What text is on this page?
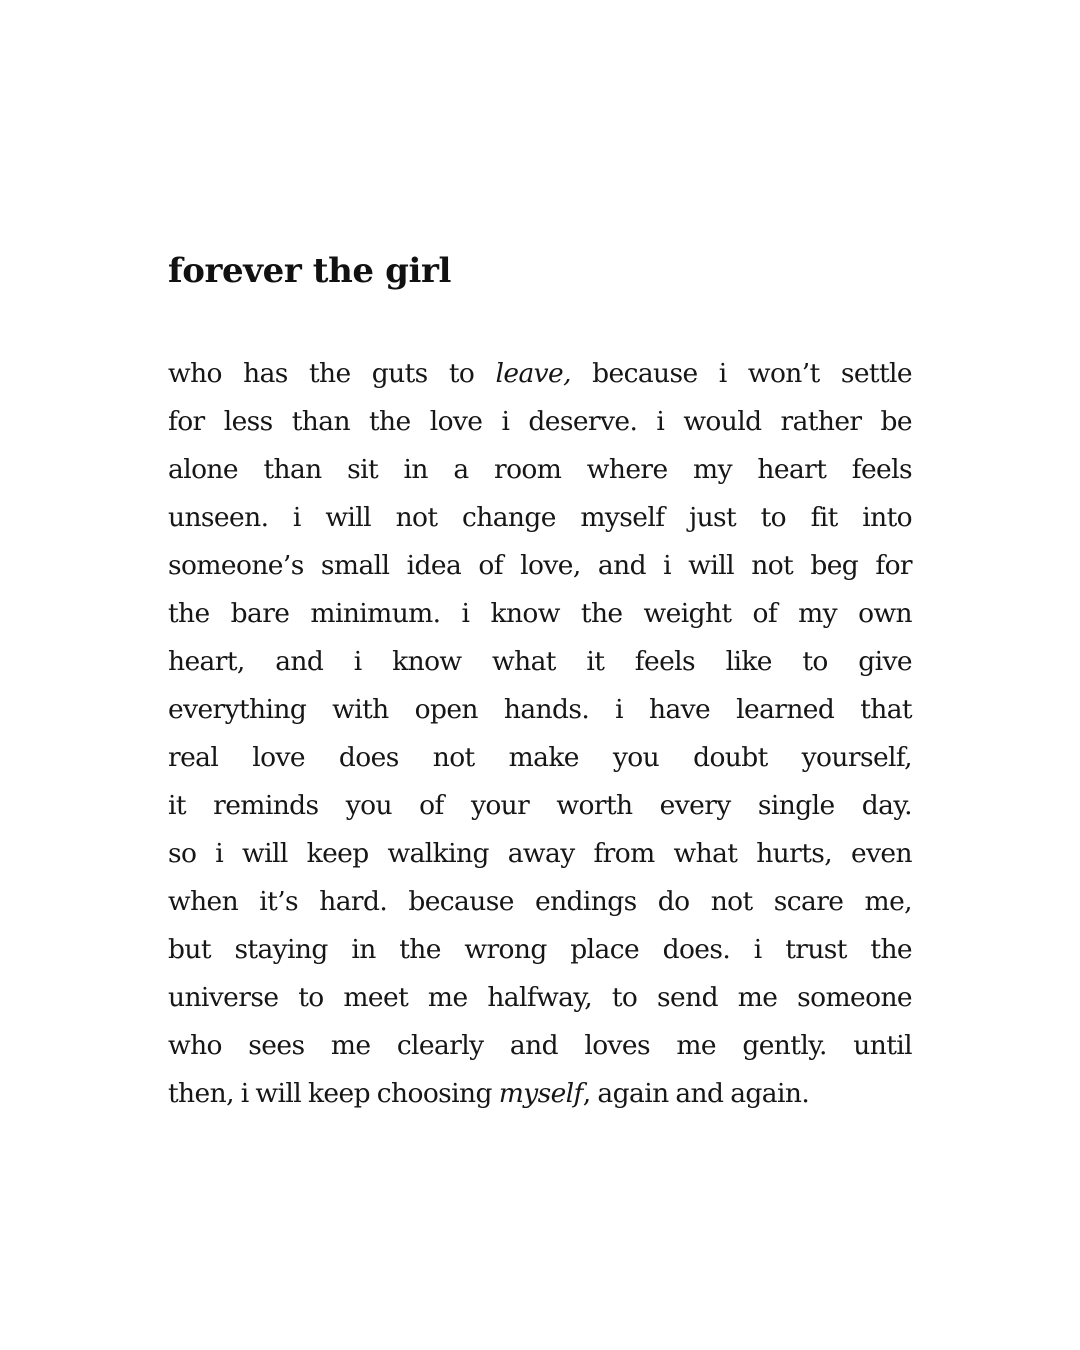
forever the girl
who has the guts to leave, because i won’t settle
for less than the love i deserve. i would rather be
alone than sit in a room where my heart feels
unseen. i will not change myself just to fit into
someone’s small idea of love, and i will not beg for
the bare minimum. i know the weight of my own
heart, and i know what it feels like to give
everything with open hands. i have learned that
real love does not make you doubt yourself,
it reminds you of your worth every single day.
so i will keep walking away from what hurts, even
when it’s hard. because endings do not scare me,
but staying in the wrong place does. i trust the
universe to meet me halfway, to send me someone
who sees me clearly and loves me gently. until
then, i will keep choosing myself, again and again.
